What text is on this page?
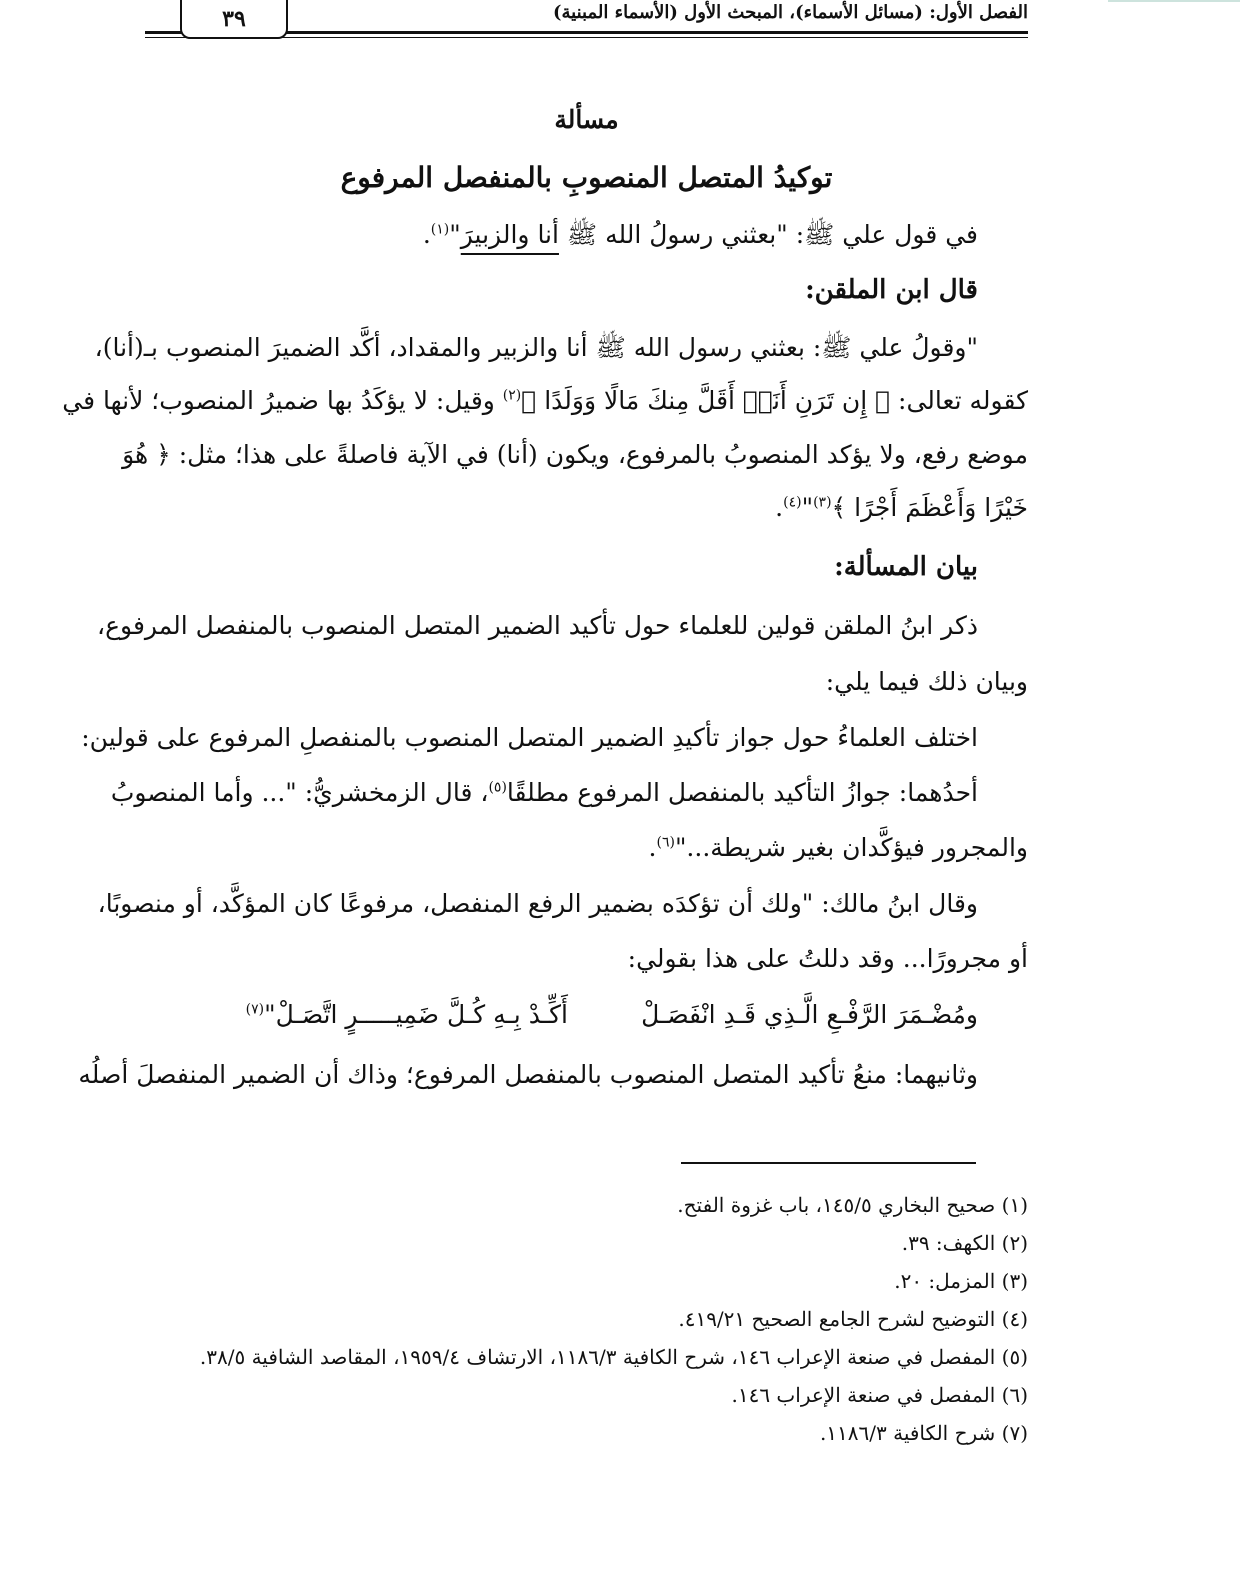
٣٩	الفصل الأول: (مسائل الأسماء)، المبحث الأول (الأسماء المبنية)
مسألة
توكيدُ المتصل المنصوبِ بالمنفصل المرفوع
في قول علي ﷺ: "بعثني رسولُ الله ﷺ أنا والزبيرَ"$^{(١)}$.
قال ابن الملقن:
"وقولُ علي ﷺ: بعثني رسول الله ﷺ أنا والزبير والمقداد، أكَّد الضميرَ المنصوب بـ(أنا)،
كقوله تعالى: ﴿ إِن تَرَنِ أَنَا۠ أَقَلَّ مِنكَ مَالًا وَوَلَدًا ﴾$^{(٢)}$ وقيل: لا يؤكَدُ بها ضميرُ المنصوب؛ لأنها في
موضع رفع، ولا يؤكد المنصوبُ بالمرفوع، ويكون (أنا) في الآية فاصلةً على هذا؛ مثل: ﴿ هُوَ
خَيْرًا وَأَعْظَمَ أَجْرًا ﴾$^{(٣)}$"$^{(٤)}$.
بيان المسألة:
ذكر ابنُ الملقن قولين للعلماء حول تأكيد الضمير المتصل المنصوب بالمنفصل المرفوع،
وبيان ذلك فيما يلي:
اختلف العلماءُ حول جواز تأكيدِ الضمير المتصل المنصوب بالمنفصلِ المرفوع على قولين:
أحدُهما: جوازُ التأكيد بالمنفصل المرفوع مطلقًا$^{(٥)}$، قال الزمخشريُّ: "... وأما المنصوبُ
والمجرور فيؤكَّدان بغير شريطة..."$^{(٦)}$.
وقال ابنُ مالك: "ولك أن تؤكدَه بضمير الرفع المنفصل، مرفوعًا كان المؤكَّد، أو منصوبًا،
أو مجرورًا... وقد دللتُ على هذا بقولي:
ومُضْـمَرَ الرَّفْـعِ الَّـذِي قَـدِ انْفَصَـلْ
أَكِّـدْ بِـهِ كُـلَّ ضَمِيـــــرٍ اتَّصَـلْ"$^{(٧)}$
وثانيهما: منعُ تأكيد المتصل المنصوب بالمنفصل المرفوع؛ وذاك أن الضمير المنفصلَ أصلُه
(١) صحيح البخاري ١٤٥/٥، باب غزوة الفتح.
(٢) الكهف: ٣٩.
(٣) المزمل: ٢٠.
(٤) التوضيح لشرح الجامع الصحيح ٤١٩/٢١.
(٥) المفصل في صنعة الإعراب ١٤٦، شرح الكافية ١١٨٦/٣، الارتشاف ١٩٥٩/٤، المقاصد الشافية ٣٨/٥.
(٦) المفصل في صنعة الإعراب ١٤٦.
(٧) شرح الكافية ١١٨٦/٣.
